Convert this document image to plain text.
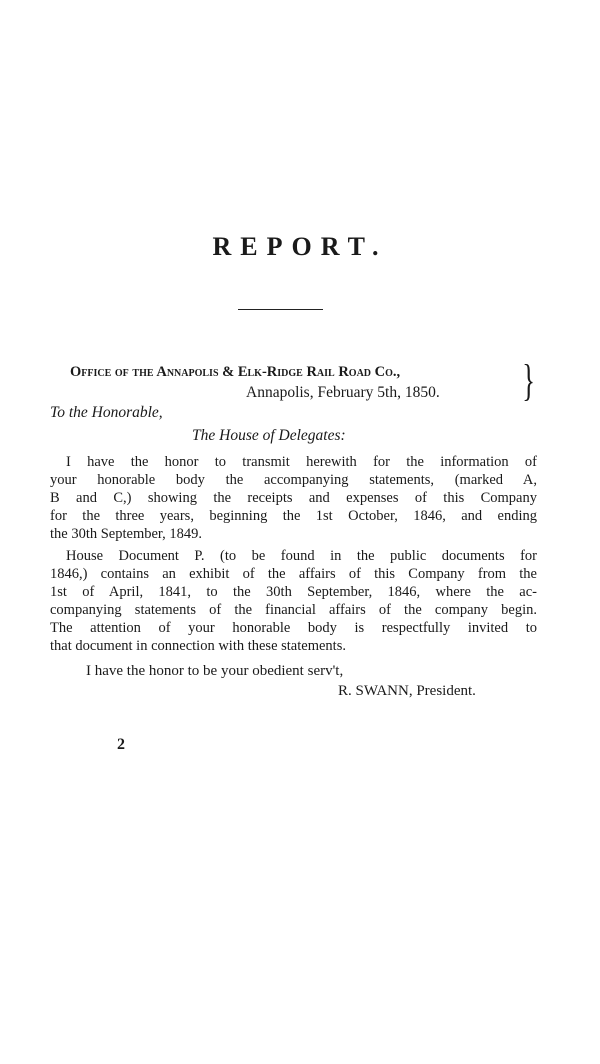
REPORT.
Office of the Annapolis & Elk-Ridge Rail Road Co.,	}
Annapolis, February 5th, 1850.
To the Honorable,
The House of Delegates:
I have the honor to transmit herewith for the information of
your honorable body the accompanying statements, (marked A,
B and C,) showing the receipts and expenses of this Company
for the three years, beginning the 1st October, 1846, and ending
the 30th September, 1849.
House Document P. (to be found in the public documents for
1846,) contains an exhibit of the affairs of this Company from the
1st of April, 1841, to the 30th September, 1846, where the ac-
companying statements of the financial affairs of the company begin.
The attention of your honorable body is respectfully invited to
that document in connection with these statements.
I have the honor to be your obedient serv't,
R. SWANN, President.
2
